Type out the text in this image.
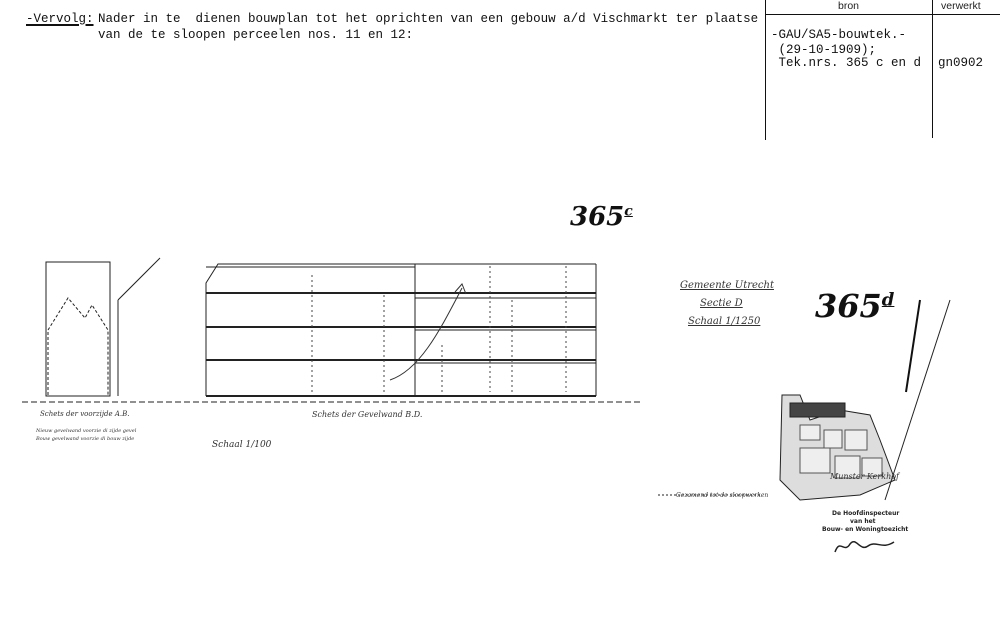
-Vervolg: Nader in te  dienen bouwplan tot het oprichten van een gebouw a/d Vischmarkt ter plaatse
van de te sloopen perceelen nos. 11 en 12:
bron	verwerkt
-GAU/SA5-bouwtek.-
(29-10-1909);
Tek.nrs. 365 c en d gn0902
365$^c$
365$^d$
Schets der voorzijde A.B.	Schets der Gevelwand B.D.
Nieuw gevelwand voorzie di zijde gevel
Bouw gevelwand voorzie di bouw zijde
Schaal 1/100
Gemeente Utrecht
Sectie D
Schaal 1/1250
Munster Kerkhof
Gezamend tot de sloopwerken
De Hoofdinspecteur
van het
Bouw- en Woningtoezicht
